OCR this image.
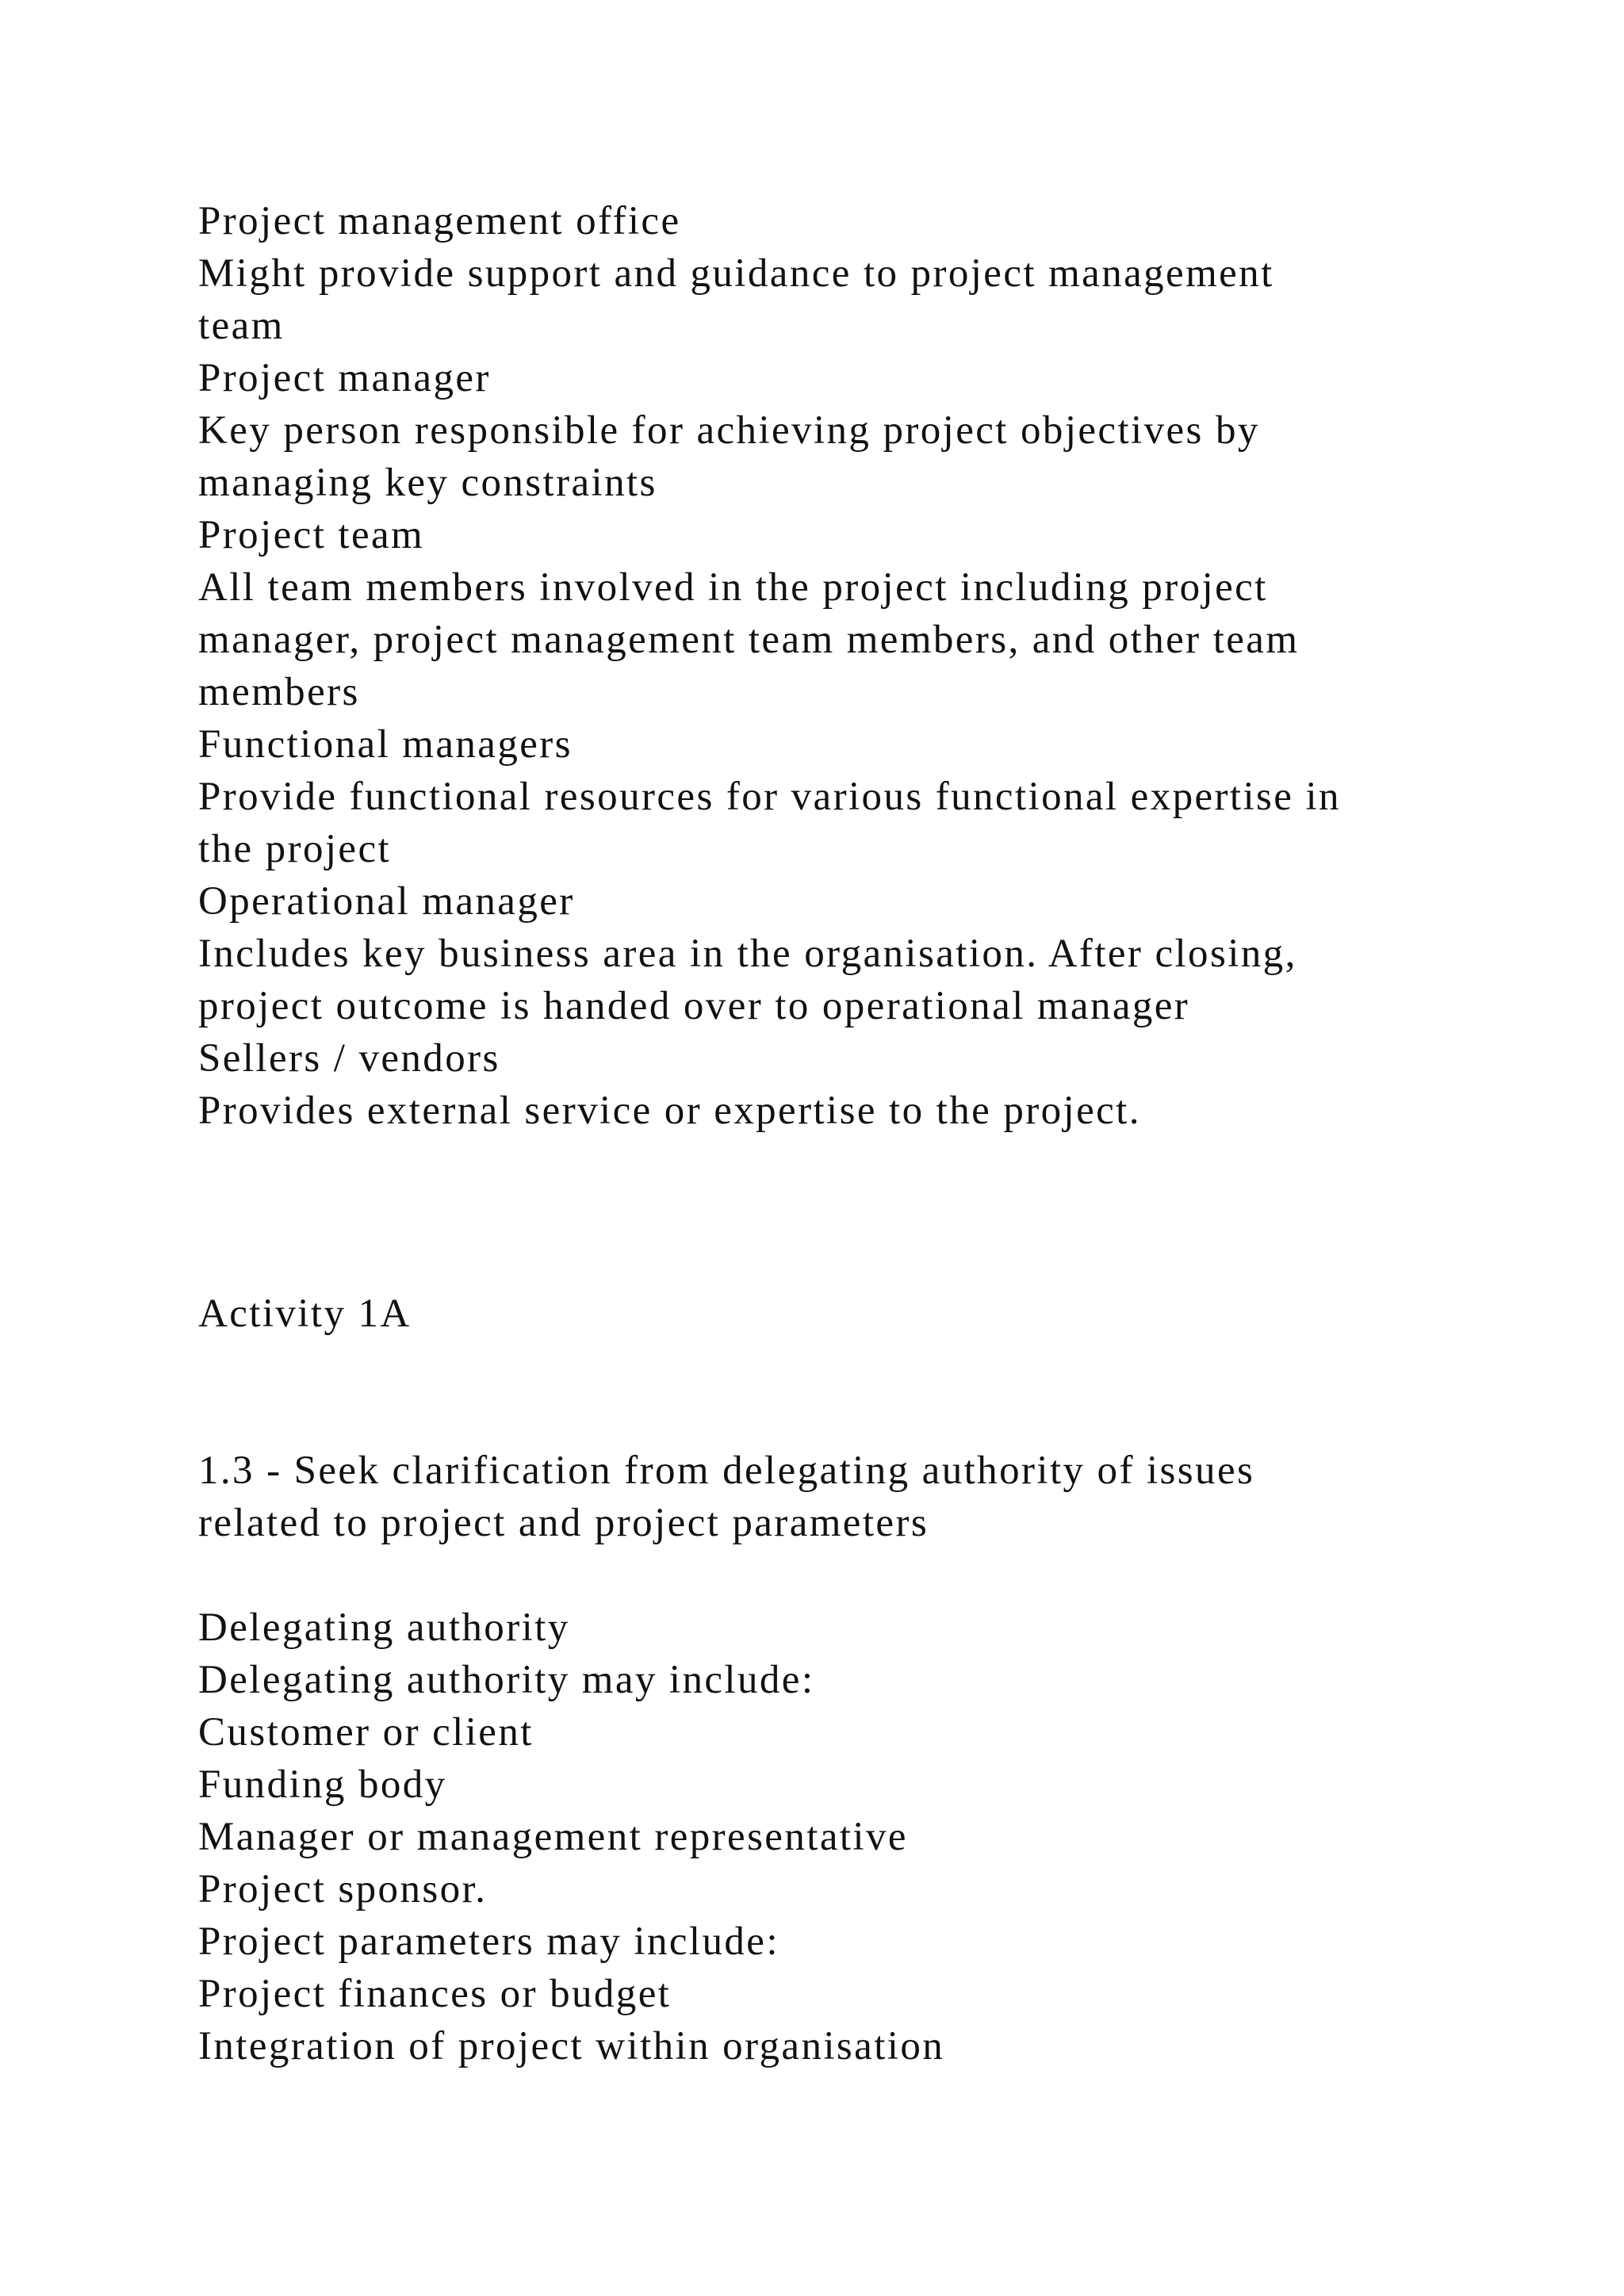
Project management office
Might provide support and guidance to project management
team
Project manager
Key person responsible for achieving project objectives by
managing key constraints
Project team
All team members involved in the project including project
manager, project management team members, and other team
members
Functional managers
Provide functional resources for various functional expertise in
the project
Operational manager
Includes key business area in the organisation. After closing,
project outcome is handed over to operational manager
Sellers / vendors
Provides external service or expertise to the project.
Activity 1A
1.3 - Seek clarification from delegating authority of issues
related to project and project parameters
Delegating authority
Delegating authority may include:
Customer or client
Funding body
Manager or management representative
Project sponsor.
Project parameters may include:
Project finances or budget
Integration of project within organisation
